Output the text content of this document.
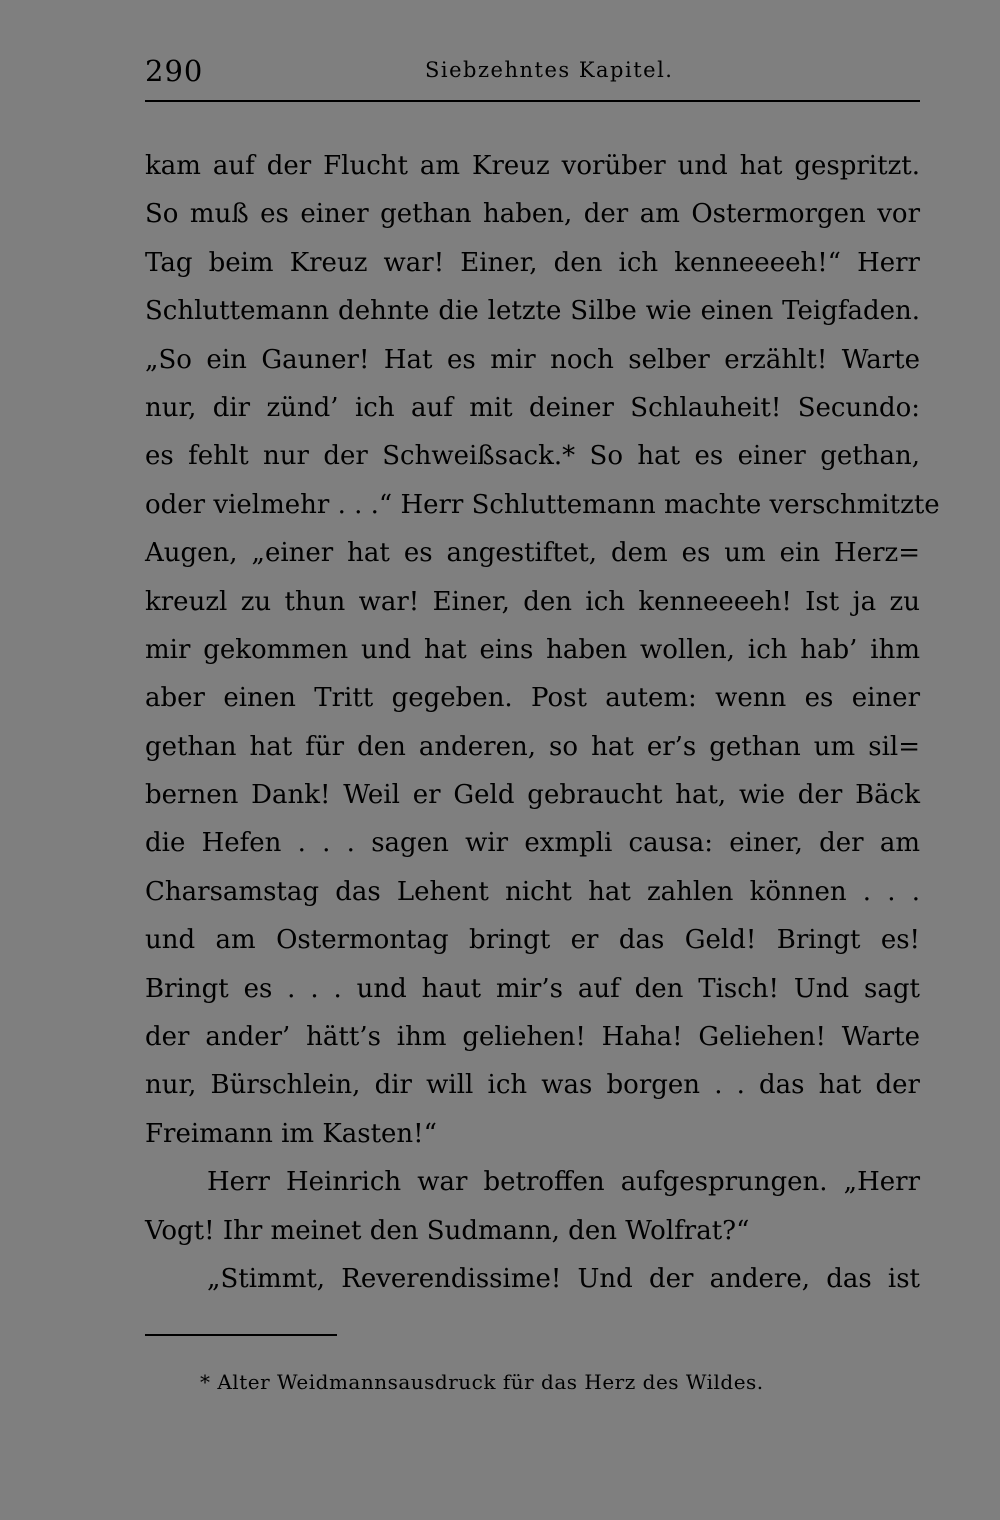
290	Siebzehntes Kapitel.
kam auf der Flucht am Kreuz vorüber und hat gespritzt.
So muß es einer gethan haben, der am Ostermorgen vor
Tag beim Kreuz war! Einer, den ich kenneeeeh!“ Herr
Schluttemann dehnte die letzte Silbe wie einen Teigfaden.
„So ein Gauner! Hat es mir noch selber erzählt! Warte
nur, dir zünd’ ich auf mit deiner Schlauheit! Secundo:
es fehlt nur der Schweißsack.* So hat es einer gethan,
oder vielmehr . . .“ Herr Schluttemann machte verschmitzte
Augen, „einer hat es angestiftet, dem es um ein Herz=
kreuzl zu thun war! Einer, den ich kenneeeeh! Ist ja zu
mir gekommen und hat eins haben wollen, ich hab’ ihm
aber einen Tritt gegeben. Post autem: wenn es einer
gethan hat für den anderen, so hat er’s gethan um sil=
bernen Dank! Weil er Geld gebraucht hat, wie der Bäck
die Hefen . . . sagen wir exmpli causa: einer, der am
Charsamstag das Lehent nicht hat zahlen können . . .
und am Ostermontag bringt er das Geld! Bringt es!
Bringt es . . . und haut mir’s auf den Tisch! Und sagt
der ander’ hätt’s ihm geliehen! Haha! Geliehen! Warte
nur, Bürschlein, dir will ich was borgen . . das hat der
Freimann im Kasten!“
Herr Heinrich war betroffen aufgesprungen. „Herr
Vogt! Ihr meinet den Sudmann, den Wolfrat?“
„Stimmt, Reverendissime! Und der andere, das ist
* Alter Weidmannsausdruck für das Herz des Wildes.
